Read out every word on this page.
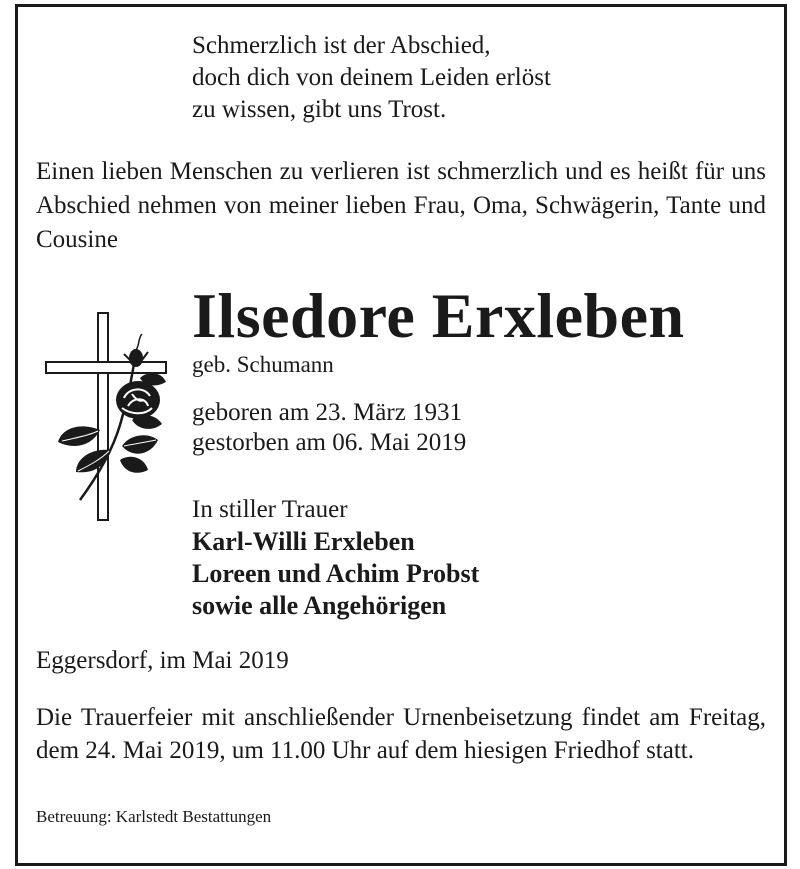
Schmerzlich ist der Abschied,
doch dich von deinem Leiden erlöst
zu wissen, gibt uns Trost.

Einen lieben Menschen zu verlieren ist schmerzlich und es heißt für uns Abschied nehmen von meiner lieben Frau, Oma, Schwägerin, Tante und Cousine

Ilsedore Erxleben
geb. Schumann
geboren am 23. März 1931
gestorben am 06. Mai 2019
In stiller Trauer
Karl-Willi Erxleben
Loreen und Achim Probst
sowie alle Angehörigen
Eggersdorf, im Mai 2019

Die Trauerfeier mit anschließender Urnenbeisetzung findet am Freitag, dem 24. Mai 2019, um 11.00 Uhr auf dem hiesigen Friedhof statt.

Betreuung: Karlstedt Bestattungen
